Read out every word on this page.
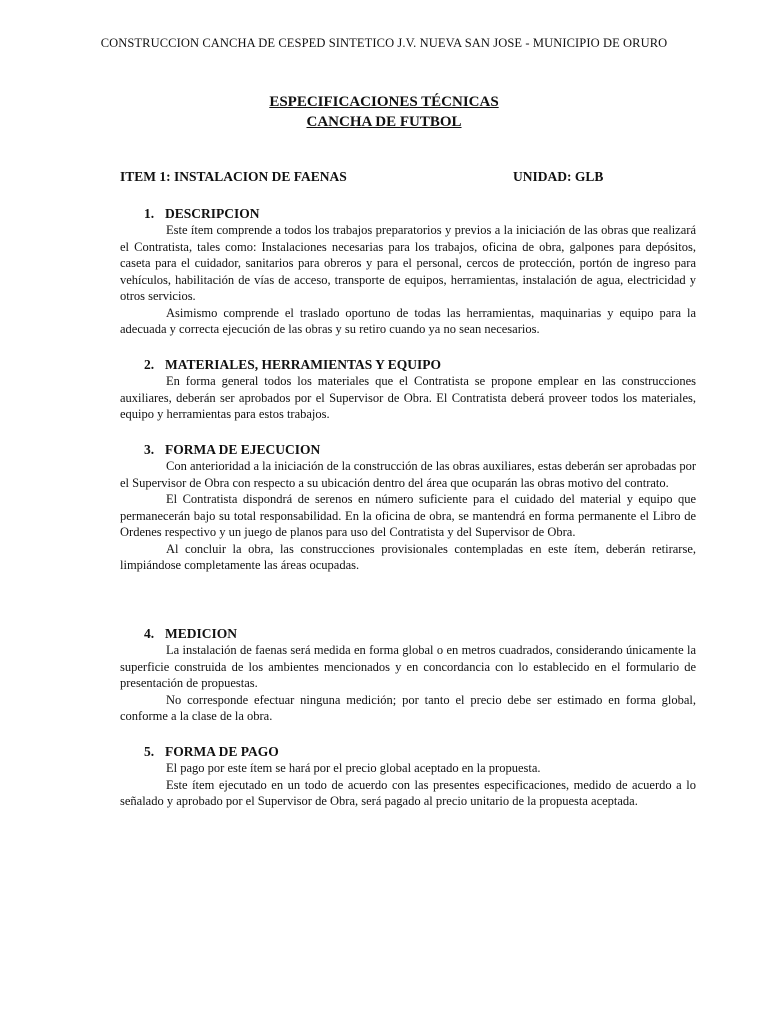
CONSTRUCCION CANCHA DE CESPED SINTETICO J.V. NUEVA SAN JOSE - MUNICIPIO DE ORURO
ESPECIFICACIONES TÉCNICAS
CANCHA DE FUTBOL
ITEM 1: INSTALACION DE FAENAS	UNIDAD: GLB
1. DESCRIPCION

Este ítem comprende a todos los trabajos preparatorios y previos a la iniciación de las obras que realizará el Contratista, tales como: Instalaciones necesarias para los trabajos, oficina de obra, galpones para depósitos, caseta para el cuidador, sanitarios para obreros y para el personal, cercos de protección, portón de ingreso para vehículos, habilitación de vías de acceso, transporte de equipos, herramientas, instalación de agua, electricidad y otros servicios.

Asimismo comprende el traslado oportuno de todas las herramientas, maquinarias y equipo para la adecuada y correcta ejecución de las obras y su retiro cuando ya no sean necesarios.

2. MATERIALES, HERRAMIENTAS Y EQUIPO

En forma general todos los materiales que el Contratista se propone emplear en las construcciones auxiliares, deberán ser aprobados por el Supervisor de Obra. El Contratista deberá proveer todos los materiales, equipo y herramientas para estos trabajos.

3. FORMA DE EJECUCION

Con anterioridad a la iniciación de la construcción de las obras auxiliares, estas deberán ser aprobadas por el Supervisor de Obra con respecto a su ubicación dentro del área que ocuparán las obras motivo del contrato.

El Contratista dispondrá de serenos en número suficiente para el cuidado del material y equipo que permanecerán bajo su total responsabilidad. En la oficina de obra, se mantendrá en forma permanente el Libro de Ordenes respectivo y un juego de planos para uso del Contratista y del Supervisor de Obra.

Al concluir la obra, las construcciones provisionales contempladas en este ítem, deberán retirarse, limpiándose completamente las áreas ocupadas.

4. MEDICION

La instalación de faenas será medida en forma global o en metros cuadrados, considerando únicamente la superficie construida de los ambientes mencionados y en concordancia con lo establecido en el formulario de presentación de propuestas.

No corresponde efectuar ninguna medición; por tanto el precio debe ser estimado en forma global, conforme a la clase de la obra.

5. FORMA DE PAGO

El pago por este ítem se hará por el precio global aceptado en la propuesta.

Este ítem ejecutado en un todo de acuerdo con las presentes especificaciones, medido de acuerdo a lo señalado y aprobado por el Supervisor de Obra, será pagado al precio unitario de la propuesta aceptada.
